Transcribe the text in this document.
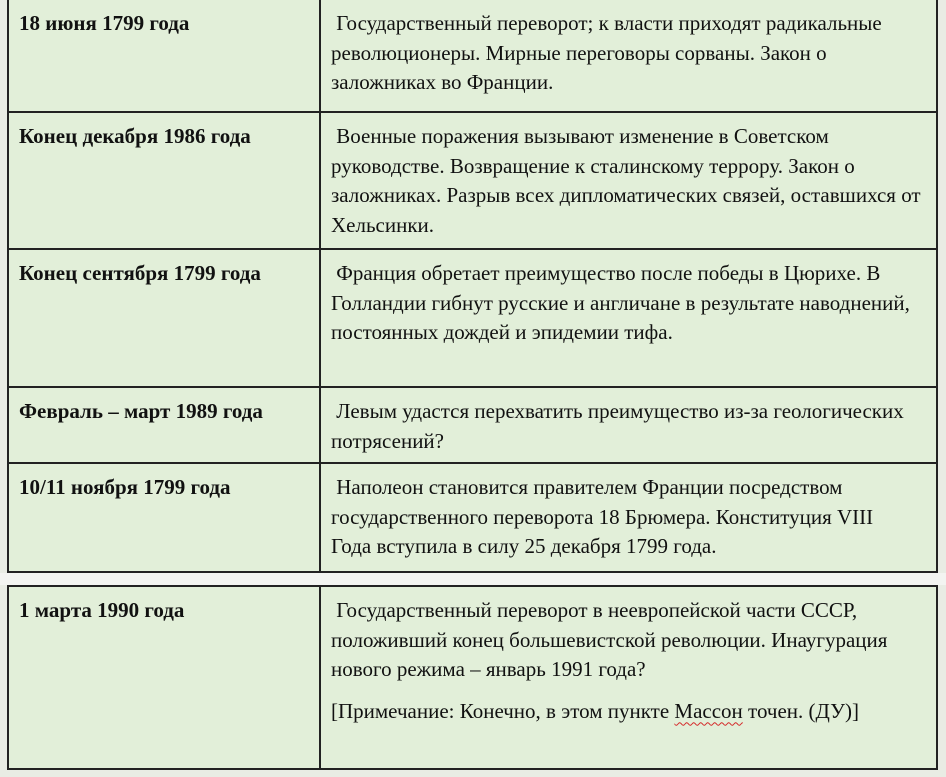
18 июня 1799 года	Государственный переворот; к власти приходят радикальные революционеры. Мирные переговоры сорваны. Закон о заложниках во Франции.
Конец декабря 1986 года	Военные поражения вызывают изменение в Советском руководстве. Возвращение к сталинскому террору. Закон о заложниках. Разрыв всех дипломатических связей, оставшихся от Хельсинки.
Конец сентября 1799 года	Франция обретает преимущество после победы в Цюрихе. В Голландии гибнут русские и англичане в результате наводнений, постоянных дождей и эпидемии тифа.
Февраль – март 1989 года	Левым удастся перехватить преимущество из-за геологических потрясений?
10/11 ноября 1799 года	Наполеон становится правителем Франции посредством государственного переворота 18 Брюмера. Конституция VIII   Года вступила в силу 25 декабря 1799 года.
1 марта 1990 года	Государственный переворот в неевропейской части СССР, положивший конец большевистской революции. Инаугурация   нового режима – январь 1991 года?
[Примечание: Конечно, в этом пункте Массон точен. (ДУ)]
